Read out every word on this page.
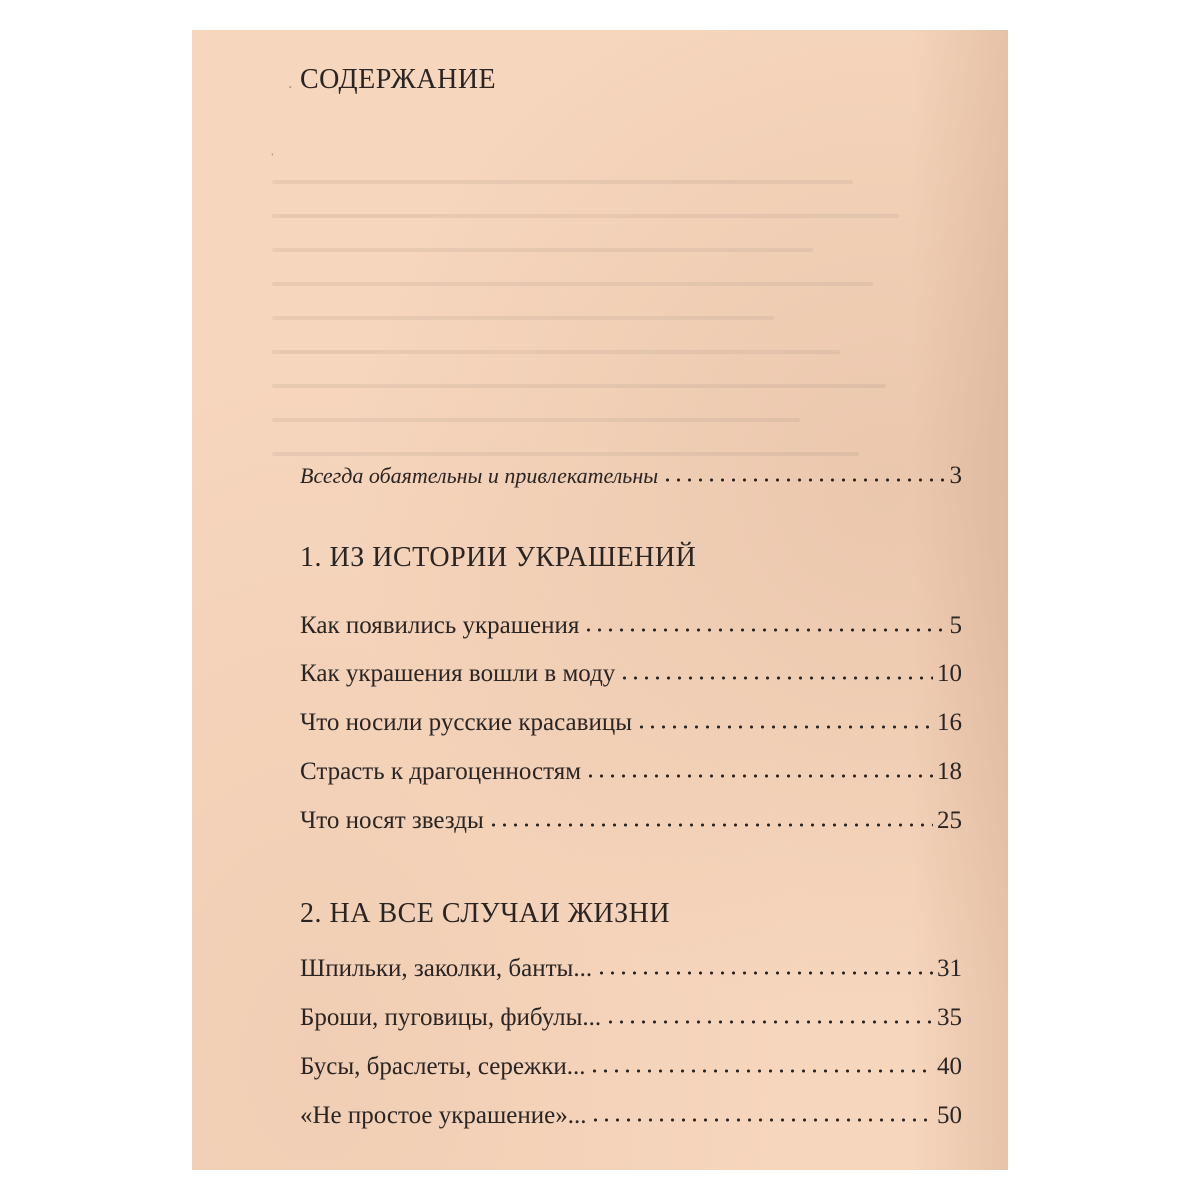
·
ˑ
СОДЕРЖАНИЕ
Всегда обаятельны и привлекательны	3
1. ИЗ ИСТОРИИ УКРАШЕНИЙ
Как появились украшения	5
Как украшения вошли в моду	10
Что носили русские красавицы	16
Страсть к драгоценностям	18
Что носят звезды	25
2. НА ВСЕ СЛУЧАИ ЖИЗНИ
Шпильки, заколки, банты...	31
Броши, пуговицы, фибулы...	35
Бусы, браслеты, сережки...	40
«Не простое украшение»...	50
